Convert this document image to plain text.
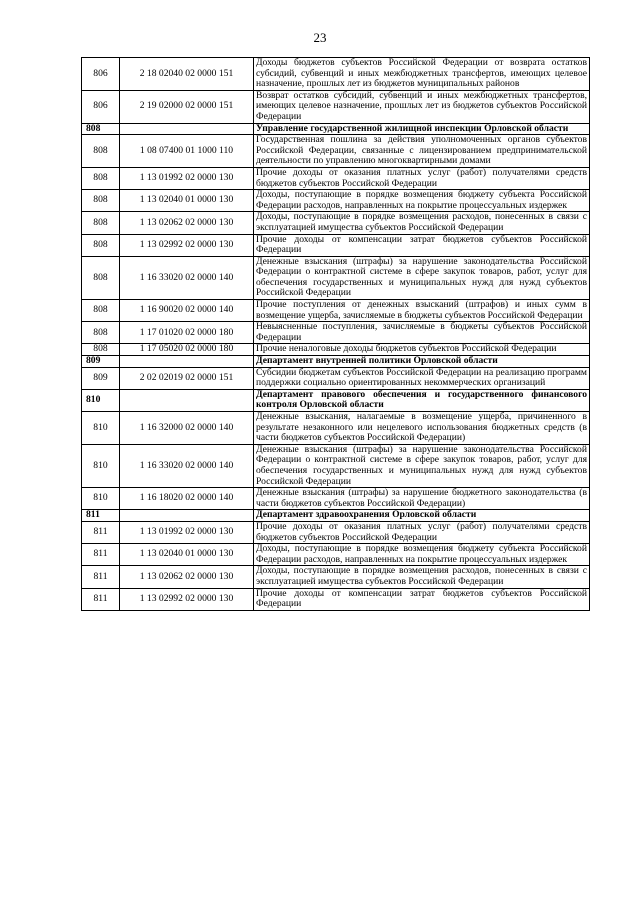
23
806	2 18 02040 02 0000 151	Доходы бюджетов субъектов Российской Федерации от возврата остатков субсидий, субвенций и иных межбюджетных трансфертов, имеющих целевое назначение, прошлых лет из бюджетов муниципальных районов
806	2 19 02000 02 0000 151	Возврат остатков субсидий, субвенций и иных межбюджетных трансфертов, имеющих целевое назначение, прошлых лет из бюджетов субъектов Российской Федерации
808		Управление государственной жилищной инспекции Орловской области
808	1 08 07400 01 1000 110	Государственная пошлина за действия уполномоченных органов субъектов Российской Федерации, связанные с лицензированием предпринимательской деятельности по управлению многоквартирными домами
808	1 13 01992 02 0000 130	Прочие доходы от оказания платных услуг (работ) получателями средств бюджетов субъектов Российской Федерации
808	1 13 02040 01 0000 130	Доходы, поступающие в порядке возмещения бюджету субъекта Российской Федерации расходов, направленных на покрытие процессуальных издержек
808	1 13 02062 02 0000 130	Доходы, поступающие в порядке возмещения расходов, понесенных в связи с эксплуатацией имущества субъектов Российской Федерации
808	1 13 02992 02 0000 130	Прочие доходы от компенсации затрат бюджетов субъектов Российской Федерации
808	1 16 33020 02 0000 140	Денежные взыскания (штрафы) за нарушение законодательства Российской Федерации о контрактной системе в сфере закупок товаров, работ, услуг для обеспечения государственных и муниципальных нужд для нужд субъектов Российской Федерации
808	1 16 90020 02 0000 140	Прочие поступления от денежных взысканий (штрафов) и иных сумм в возмещение ущерба, зачисляемые в бюджеты субъектов Российской Федерации
808	1 17 01020 02 0000 180	Невыясненные поступления, зачисляемые в бюджеты субъектов Российской Федерации
808	1 17 05020 02 0000 180	Прочие неналоговые доходы бюджетов субъектов Российской Федерации
809		Департамент внутренней политики Орловской области
809	2 02 02019 02 0000 151	Субсидии бюджетам субъектов Российской Федерации на реализацию программ поддержки социально ориентированных некоммерческих организаций
810		Департамент правового обеспечения и государственного финансового контроля Орловской области
810	1 16 32000 02 0000 140	Денежные взыскания, налагаемые в возмещение ущерба, причиненного в результате незаконного или нецелевого использования бюджетных средств (в части бюджетов субъектов Российской Федерации)
810	1 16 33020 02 0000 140	Денежные взыскания (штрафы) за нарушение законодательства Российской Федерации о контрактной системе в сфере закупок товаров, работ, услуг для обеспечения государственных и муниципальных нужд для нужд субъектов Российской Федерации
810	1 16 18020 02 0000 140	Денежные взыскания (штрафы) за нарушение бюджетного законодательства (в части бюджетов субъектов Российской Федерации)
811		Департамент здравоохранения Орловской области
811	1 13 01992 02 0000 130	Прочие доходы от оказания платных услуг (работ) получателями средств бюджетов субъектов Российской Федерации
811	1 13 02040 01 0000 130	Доходы, поступающие в порядке возмещения бюджету субъекта Российской Федерации расходов, направленных на покрытие процессуальных издержек
811	1 13 02062 02 0000 130	Доходы, поступающие в порядке возмещения расходов, понесенных в связи с эксплуатацией имущества субъектов Российской Федерации
811	1 13 02992 02 0000 130	Прочие доходы от компенсации затрат бюджетов субъектов Российской Федерации
